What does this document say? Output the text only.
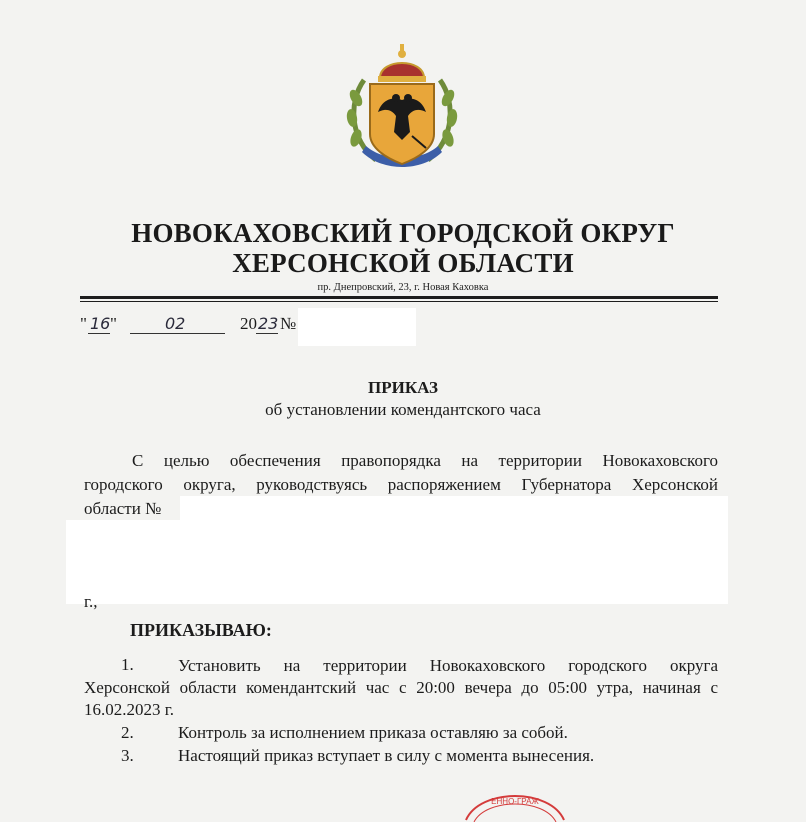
НОВОКАХОВСКИЙ ГОРОДСКОЙ ОКРУГ
ХЕРСОНСКОЙ ОБЛАСТИ
пр. Днепровский, 23, г. Новая Каховка
" 16 "	02	20 23 №
ПРИКАЗ
об установлении комендантского часа
С целью обеспечения правопорядка на территории Новокаховского
городского округа, руководствуясь распоряжением Губернатора Херсонской
области №
г.,
ПРИКАЗЫВАЮ:
1.	Установить на территории Новокаховского городского округа
Херсонской области комендантский час с 20:00 вечера до 05:00 утра, начиная с
16.02.2023 г.
2.	Контроль за исполнением приказа оставляю за собой.
3.	Настоящий приказ вступает в силу с момента вынесения.
ЕННО-ГРАЖ
